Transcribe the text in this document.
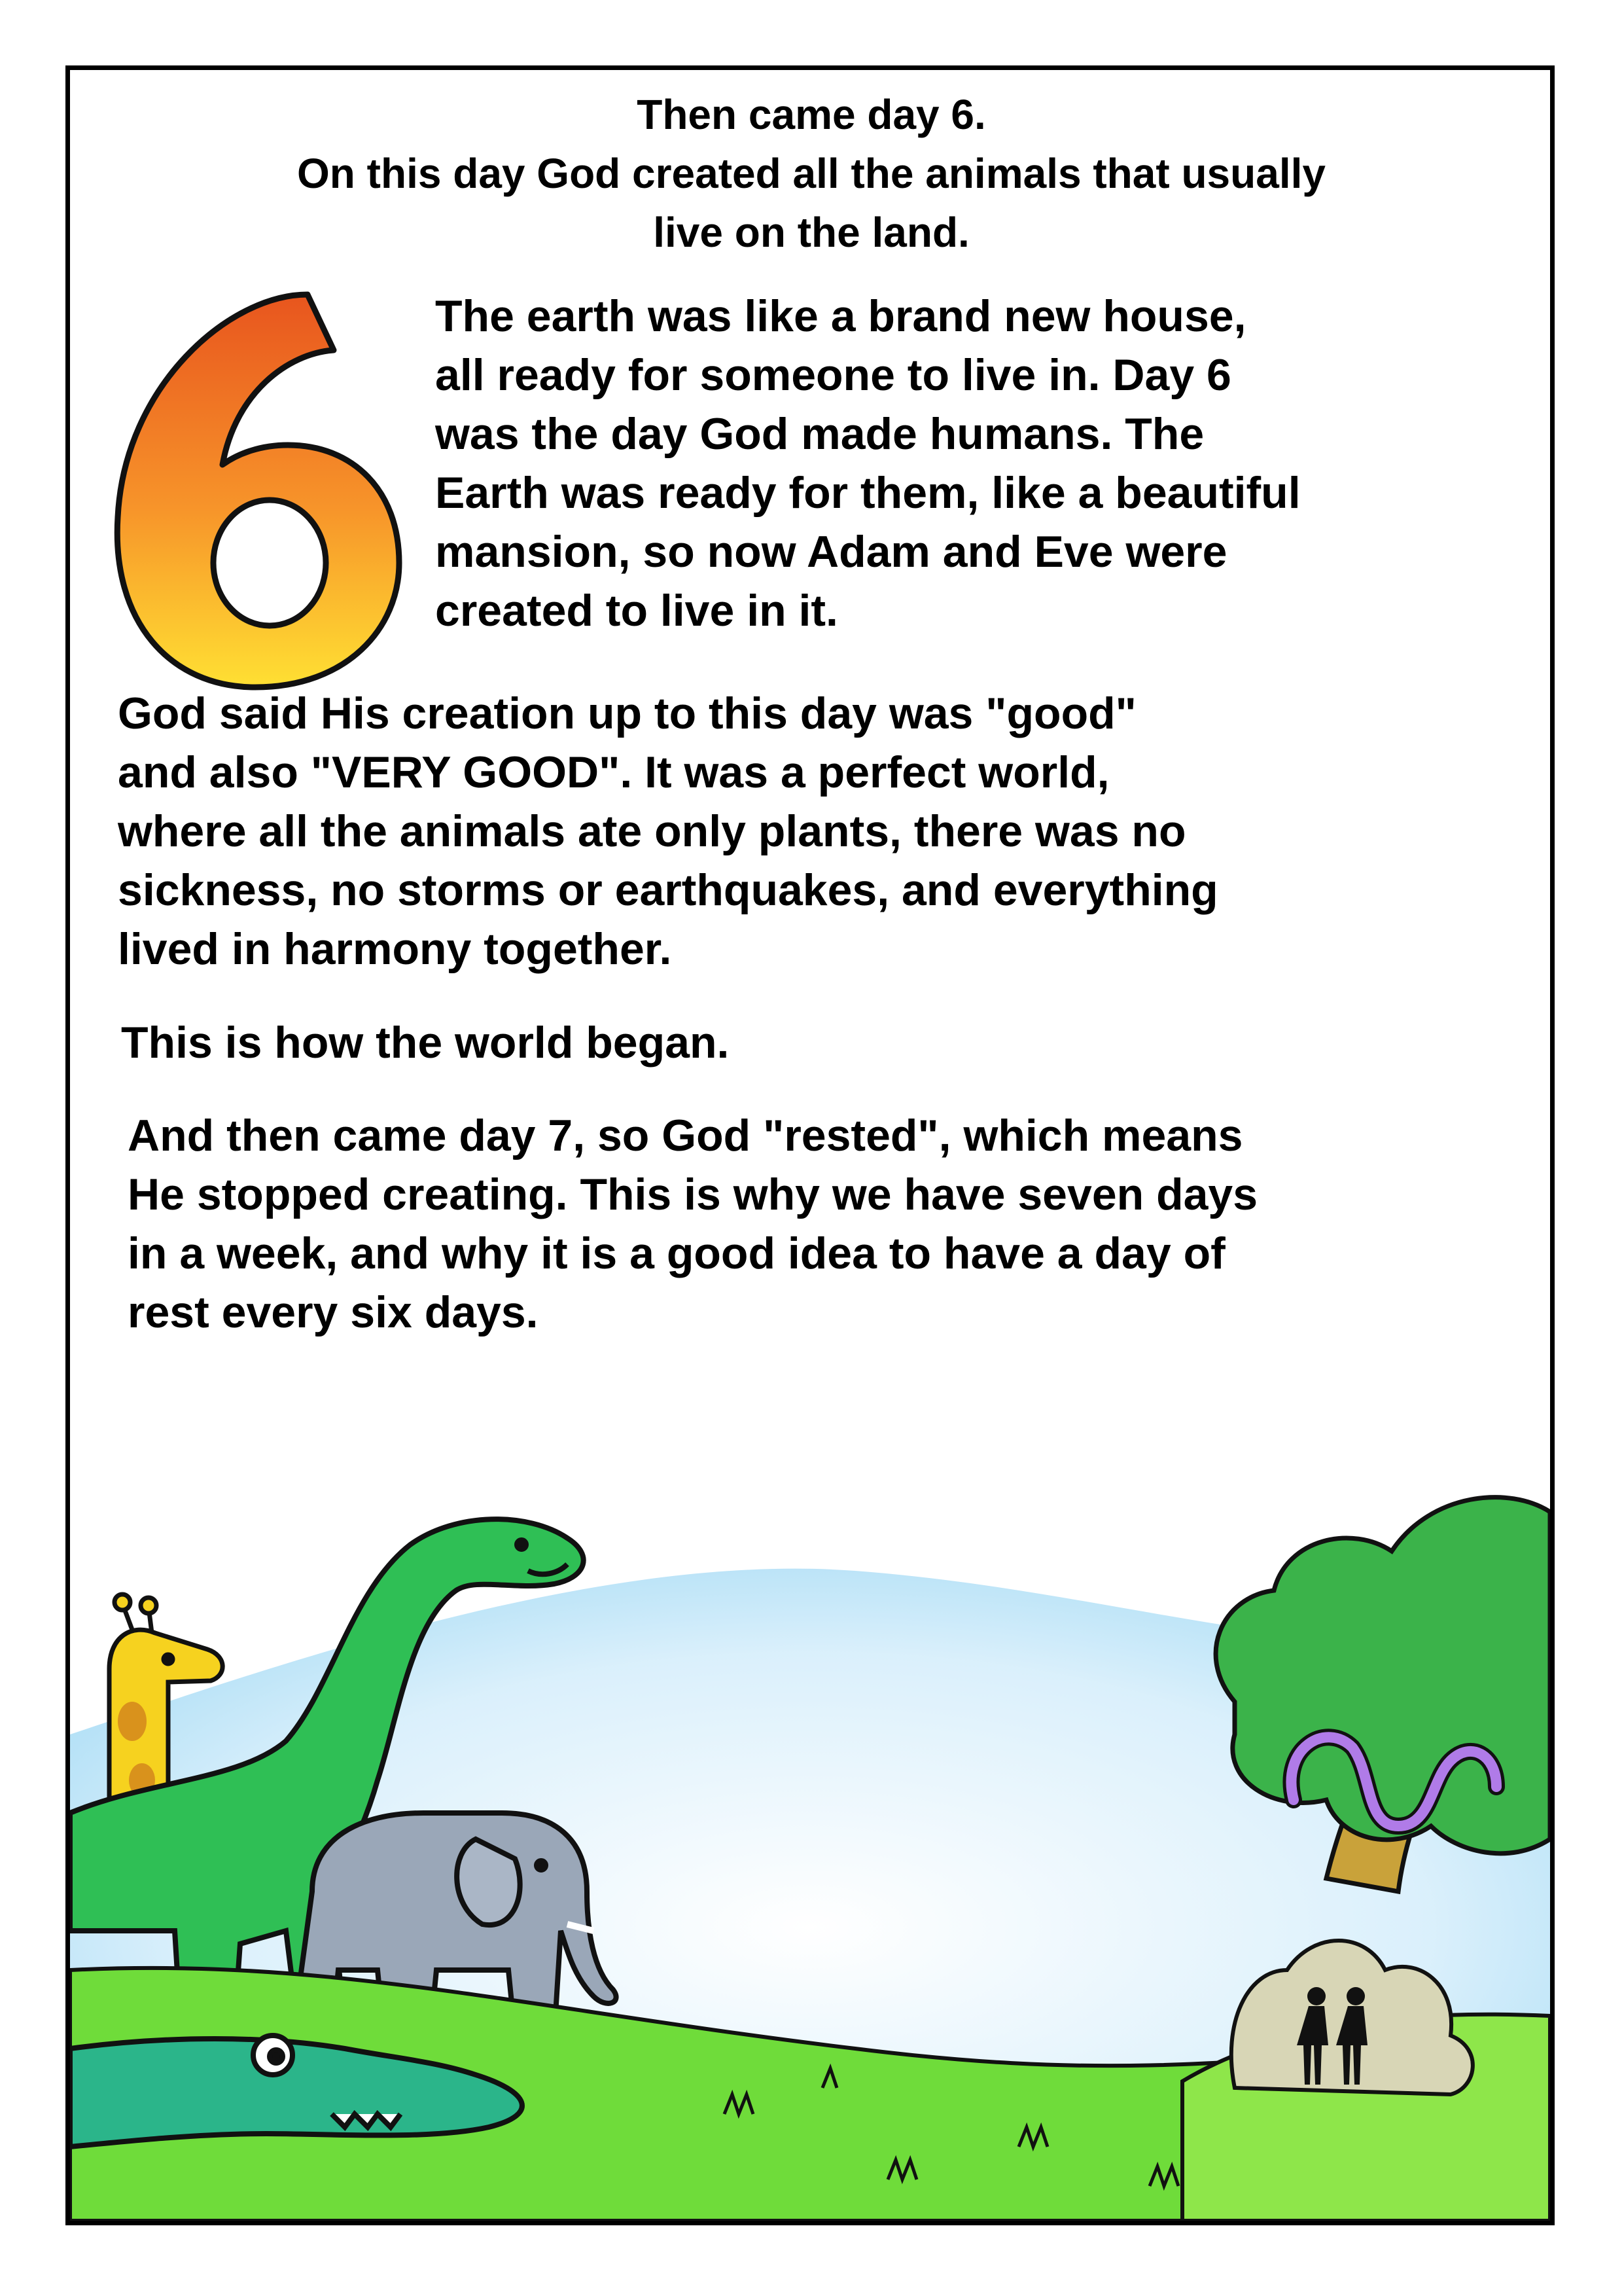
Then came day 6.

On this day God created all the animals that usually

live on the land.

The earth was like a brand new house,

all ready for someone to live in. Day 6

was the day God made humans. The

Earth was ready for them, like a beautiful

mansion, so now Adam and Eve were

created to live in it.

God said His creation up to this day was "good"

and also "VERY GOOD". It was a perfect world,

where all the animals ate only plants, there was no

sickness, no storms or earthquakes, and everything

lived in harmony together.

This is how the world began.

And then came day 7, so God "rested", which means

He stopped creating. This is why we have seven days

in a week, and why it is a good idea to have a day of

rest every six days.
